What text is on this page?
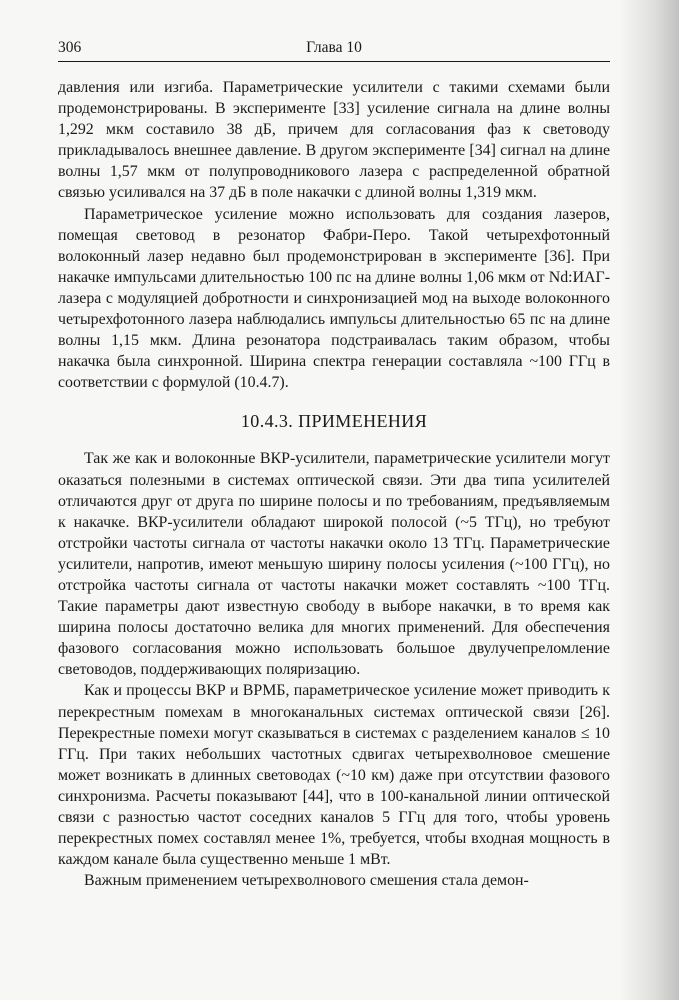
306	Глава 10

давления или изгиба. Параметрические усилители с такими схемами были продемонстрированы. В эксперименте [33] усиление сигнала на длине волны 1,292 мкм составило 38 дБ, причем для согласования фаз к световоду прикладывалось внешнее давление. В другом эксперименте [34] сигнал на длине волны 1,57 мкм от полупроводникового лазера с распределенной обратной связью усиливался на 37 дБ в поле накачки с длиной волны 1,319 мкм.

Параметрическое усиление можно использовать для создания лазеров, помещая световод в резонатор Фабри-Перо. Такой четырехфотонный волоконный лазер недавно был продемонстрирован в эксперименте [36]. При накачке импульсами длительностью 100 пс на длине волны 1,06 мкм от Nd:ИАГ-лазера с модуляцией добротности и синхронизацией мод на выходе волоконного четырехфотонного лазера наблюдались импульсы длительностью 65 пс на длине волны 1,15 мкм. Длина резонатора подстраивалась таким образом, чтобы накачка была синхронной. Ширина спектра генерации составляла ~100 ГГц в соответствии с формулой (10.4.7).

10.4.3. ПРИМЕНЕНИЯ

Так же как и волоконные ВКР-усилители, параметрические усилители могут оказаться полезными в системах оптической связи. Эти два типа усилителей отличаются друг от друга по ширине полосы и по требованиям, предъявляемым к накачке. ВКР-усилители обладают широкой полосой (~5 ТГц), но требуют отстройки частоты сигнала от частоты накачки около 13 ТГц. Параметрические усилители, напротив, имеют меньшую ширину полосы усиления (~100 ГГц), но отстройка частоты сигнала от частоты накачки может составлять ~100 ТГц. Такие параметры дают известную свободу в выборе накачки, в то время как ширина полосы достаточно велика для многих применений. Для обеспечения фазового согласования можно использовать большое двулучепреломление световодов, поддерживающих поляризацию.

Как и процессы ВКР и ВРМБ, параметрическое усиление может приводить к перекрестным помехам в многоканальных системах оптической связи [26]. Перекрестные помехи могут сказываться в системах с разделением каналов ≤ 10 ГГц. При таких небольших частотных сдвигах четырехволновое смешение может возникать в длинных световодах (~10 км) даже при отсутствии фазового синхронизма. Расчеты показывают [44], что в 100-канальной линии оптической связи с разностью частот соседних каналов 5 ГГц для того, чтобы уровень перекрестных помех составлял менее 1%, требуется, чтобы входная мощность в каждом канале была существенно меньше 1 мВт.

Важным применением четырехволнового смешения стала демон-
